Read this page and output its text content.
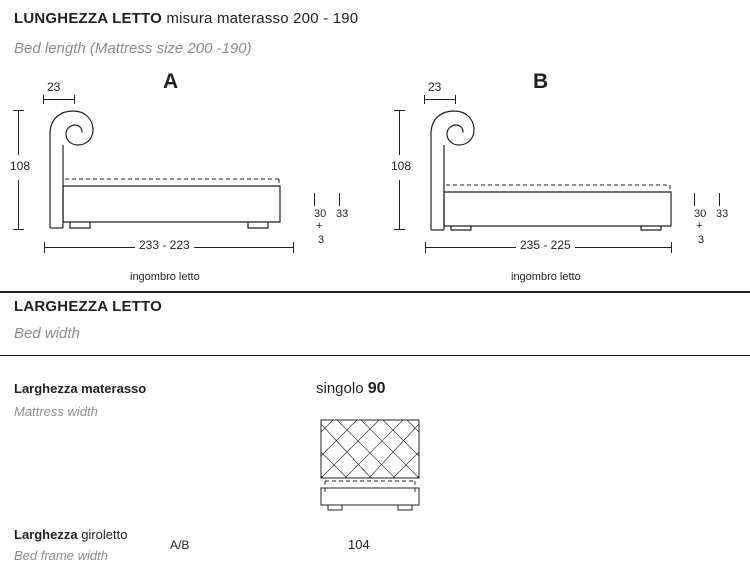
LUNGHEZZA LETTO misura materasso 200 - 190
Bed length (Mattress size 200 -190)
A
23
108
30 33
3
+
233 - 223
ingombro letto
B
23
108
30 33
3
+
235 - 225
ingombro letto
LARGHEZZA LETTO
Bed width
Larghezza materasso
Mattress width
singolo 90
Larghezza giroletto
Bed frame width
A/B	104
